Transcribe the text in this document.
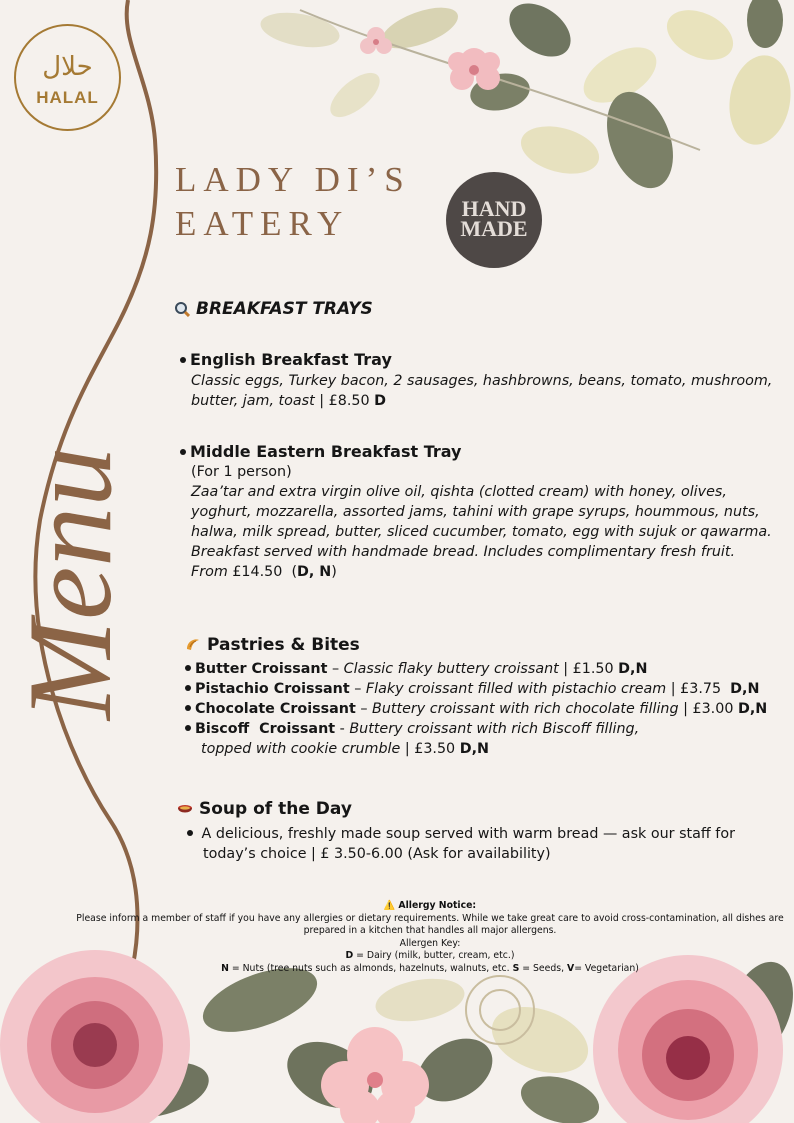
حلال
HALAL
LADY DI’S
EATERY	HAND
MADE
Menu
BREAKFAST TRAYS
English Breakfast Tray
Classic eggs, Turkey bacon, 2 sausages, hashbrowns, beans, tomato, mushroom,
butter, jam, toast | £8.50 D
Middle Eastern Breakfast Tray
(For 1 person)
Zaa’tar and extra virgin olive oil, qishta (clotted cream) with honey, olives,
yoghurt, mozzarella, assorted jams, tahini with grape syrups, hoummous, nuts,
halwa, milk spread, butter, sliced cucumber, tomato, egg with sujuk or qawarma.
Breakfast served with handmade bread. Includes complimentary fresh fruit.
From £14.50 (D, N)
Pastries & Bites
Butter Croissant – Classic flaky buttery croissant | £1.50 D,N
Pistachio Croissant – Flaky croissant filled with pistachio cream | £3.75  D,N
Chocolate Croissant – Buttery croissant with rich chocolate filling | £3.00 D,N
Biscoff  Croissant - Buttery croissant with rich Biscoff filling,
topped with cookie crumble | £3.50 D,N
Soup of the Day
A delicious, freshly made soup served with warm bread — ask our staff for
today’s choice | £ 3.50-6.00 (Ask for availability)
⚠️ Allergy Notice:
Please inform a member of staff if you have any allergies or dietary requirements. While we take great care to avoid cross-contamination, all dishes are
prepared in a kitchen that handles all major allergens.
Allergen Key:
D = Dairy (milk, butter, cream, etc.)
N = Nuts (tree nuts such as almonds, hazelnuts, walnuts, etc. S = Seeds, V= Vegetarian)
